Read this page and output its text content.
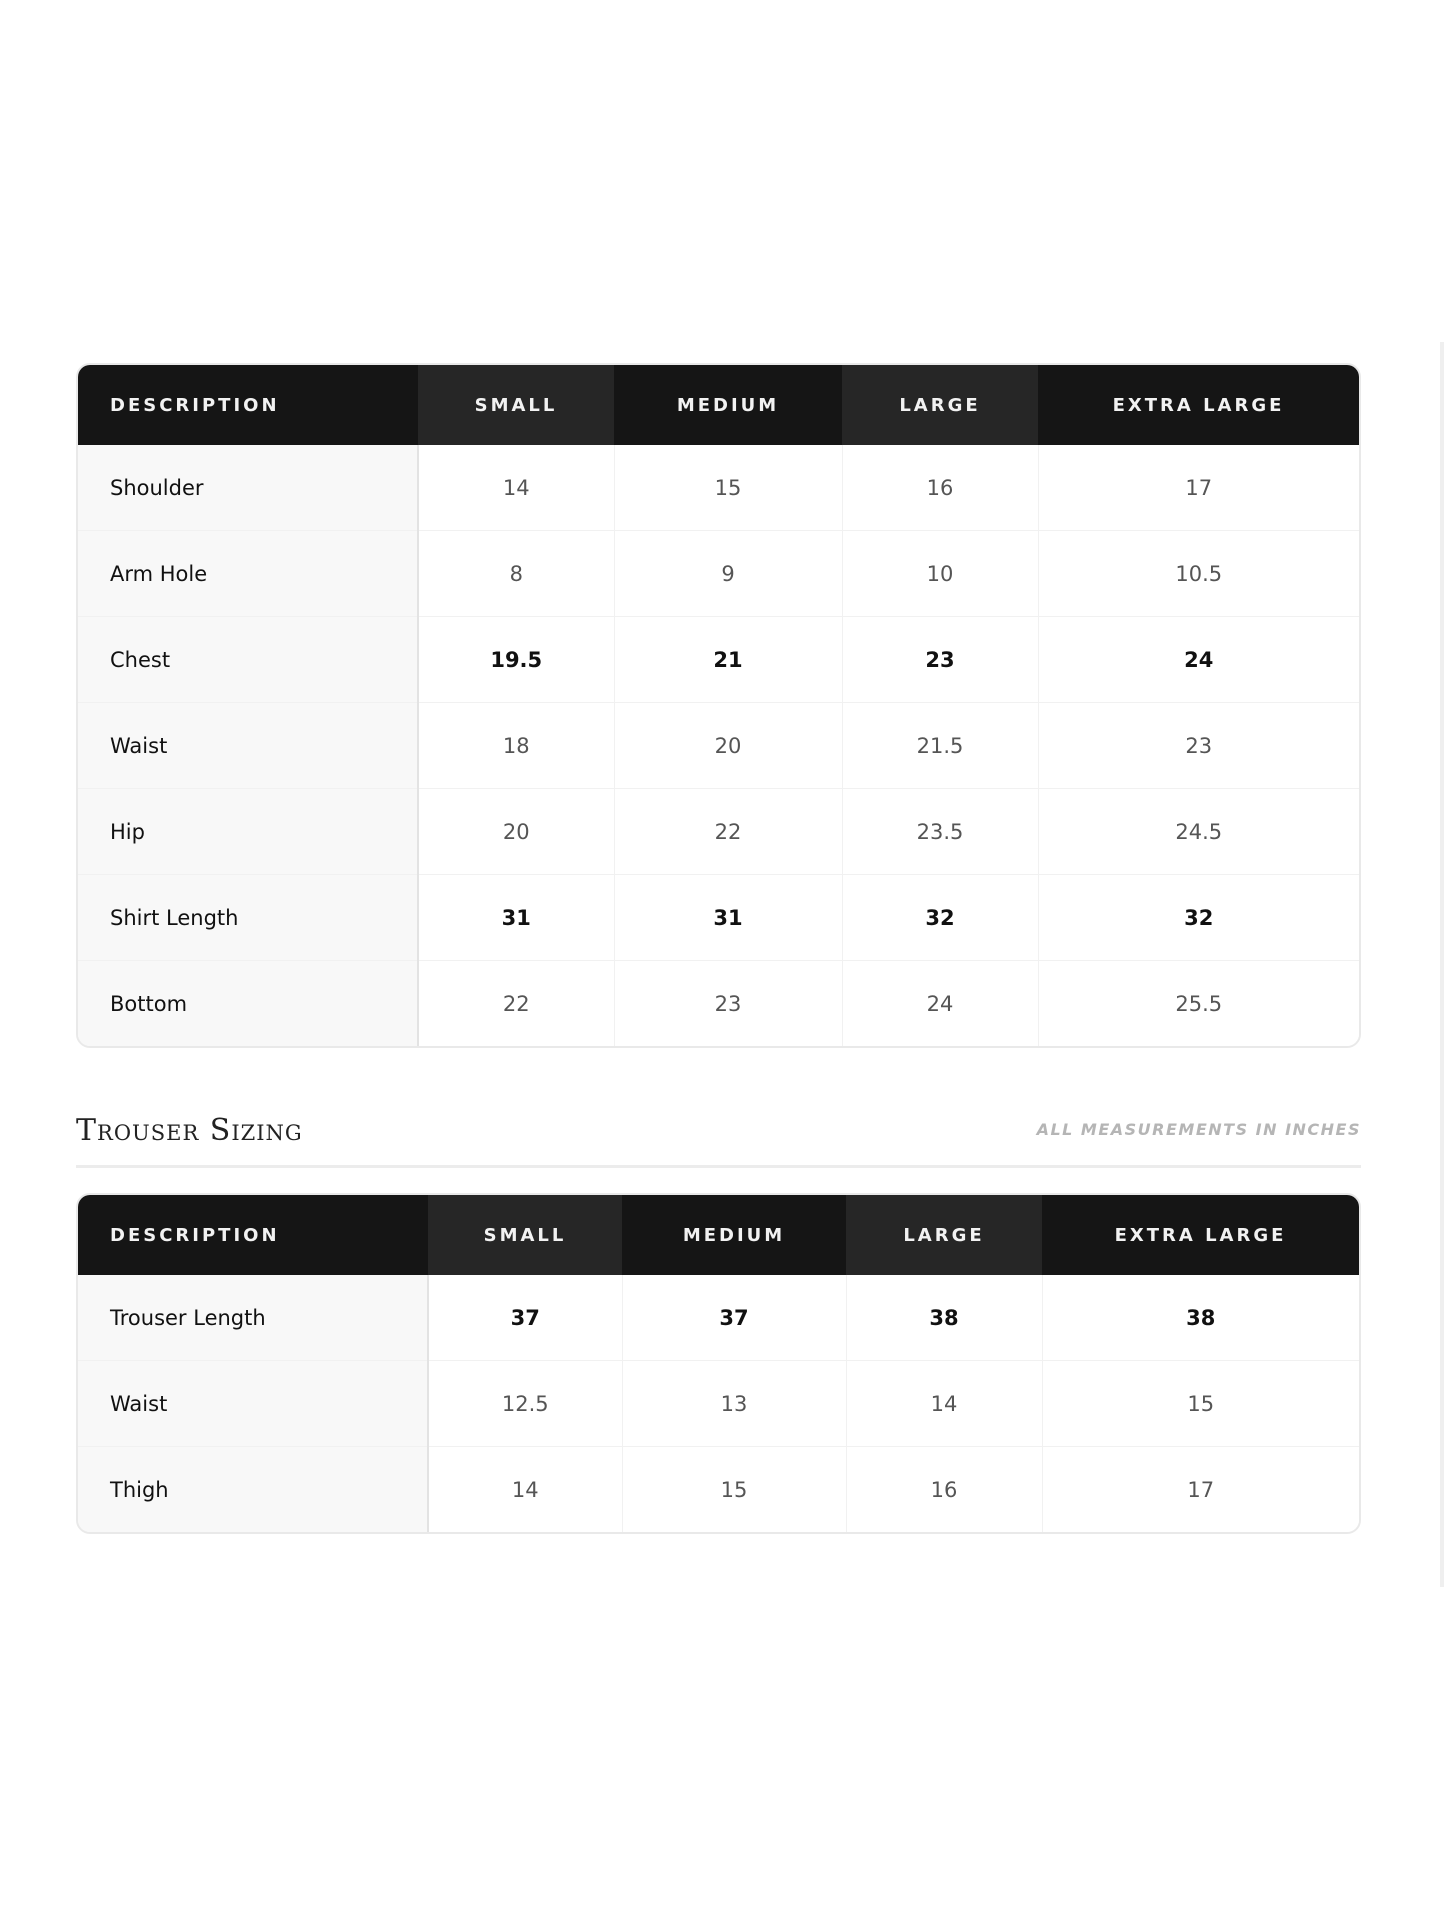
DESCRIPTION	SMALL	MEDIUM	LARGE	EXTRA LARGE
Shoulder	14	15	16	17
Arm Hole	8	9	10	10.5
Chest	19.5	21	23	24
Waist	18	20	21.5	23
Hip	20	22	23.5	24.5
Shirt Length	31	31	32	32
Bottom	22	23	24	25.5
Trouser Sizing	ALL MEASUREMENTS IN INCHES
DESCRIPTION	SMALL	MEDIUM	LARGE	EXTRA LARGE
Trouser Length	37	37	38	38
Waist	12.5	13	14	15
Thigh	14	15	16	17
